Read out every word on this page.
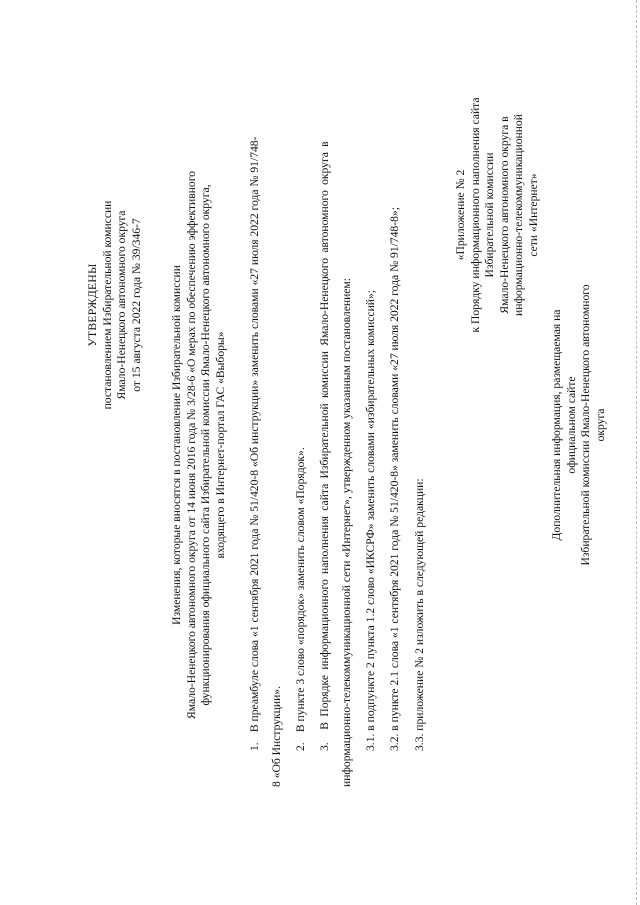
УТВЕРЖДЕНЫ постановлением Избирательной комиссии Ямало-Ненецкого автономного округа от 15 августа 2022 года № 39/346-7 Изменения, которые вносятся в постановление Избирательной комиссии Ямало-Ненецкого автономного округа от 14 июня 2016 года № 3/28-6 «О мерах по обеспечению эффективного функционирования официального сайта Избирательной комиссии Ямало-Ненецкого автономного округа, входящего в Интернет-портал ГАС «Выборы»

1. В преамбуле слова «1 сентября 2021 года № 51/420-8 «Об инструкции» заменить словами «27 июля 2022 года № 91/748-

8 «Об Инструкции». 2. В пункте 3 слово «порядок» заменить словом «Порядок».

3. В Порядке информационного наполнения сайта Избирательной комиссии Ямало-Ненецкого автономного округа в информационно-телекоммуникационной сети «Интернет», утвержденном указанным постановлением: 3.1. в подпункте 2 пункта 1.2 слово «ИКСРФ» заменить словами «избирательных комиссий»; 3.2. в пункте 2.1 слова «1 сентября 2021 года № 51/420-8» заменить словами «27 июля 2022 года № 91/748-8»; 3.3. приложение № 2 изложить в следующей редакции:

«Приложение № 2 к Порядку информационного наполнения сайта Избирательной комиссии Ямало-Ненецкого автономного округа в информационно-телекоммуникационной сети «Интернет»

Дополнительная информация, размещаемая на официальном сайте Избирательной комиссии Ямало-Ненецкого автономного округа
